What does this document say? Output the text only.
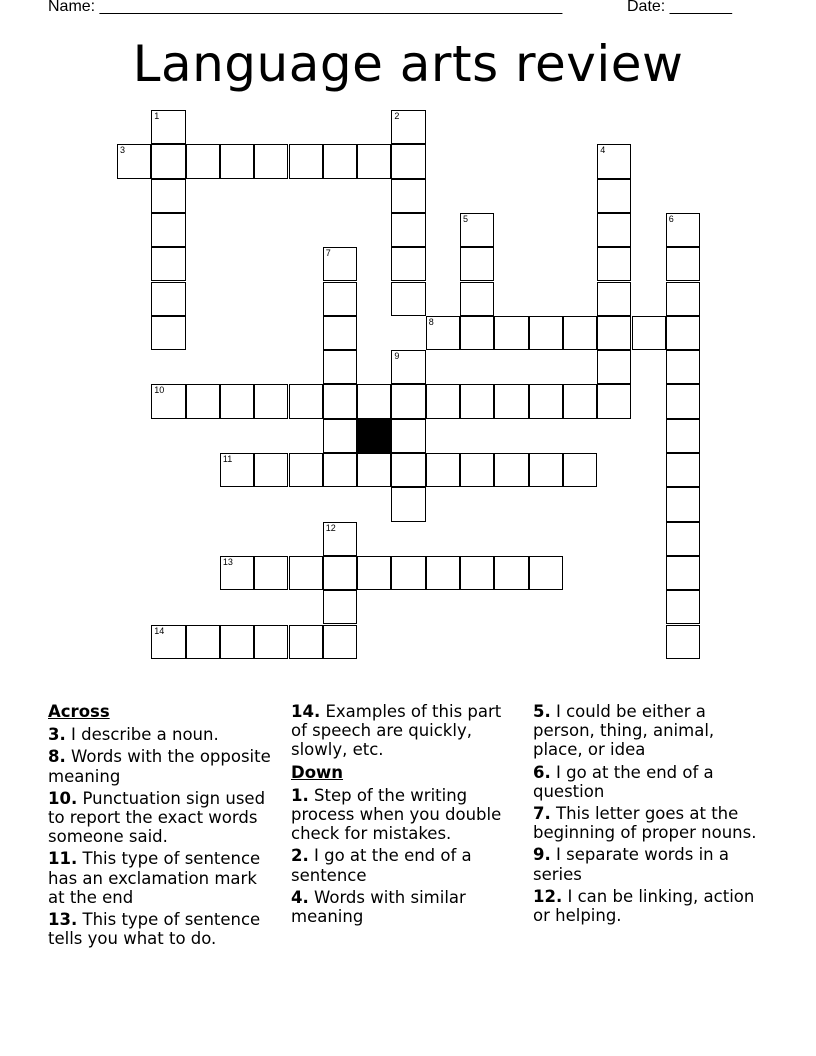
Name: ____________________________________________________	Date: _______
Language arts review
3
8
10
11
13
14
1	2
4
5	6
7
9
12
Across
3. I describe a noun.
8. Words with the opposite meaning
10. Punctuation sign used to report the exact words someone said.
11. This type of sentence has an exclamation mark at the end
13. This type of sentence tells you what to do.
14. Examples of this part of speech are quickly, slowly, etc.
Down
1. Step of the writing process when you double check for mistakes.
2. I go at the end of a sentence
4. Words with similar meaning
5. I could be either a person, thing, animal, place, or idea
6. I go at the end of a question
7. This letter goes at the beginning of proper nouns.
9. I separate words in a series
12. I can be linking, action or helping.
